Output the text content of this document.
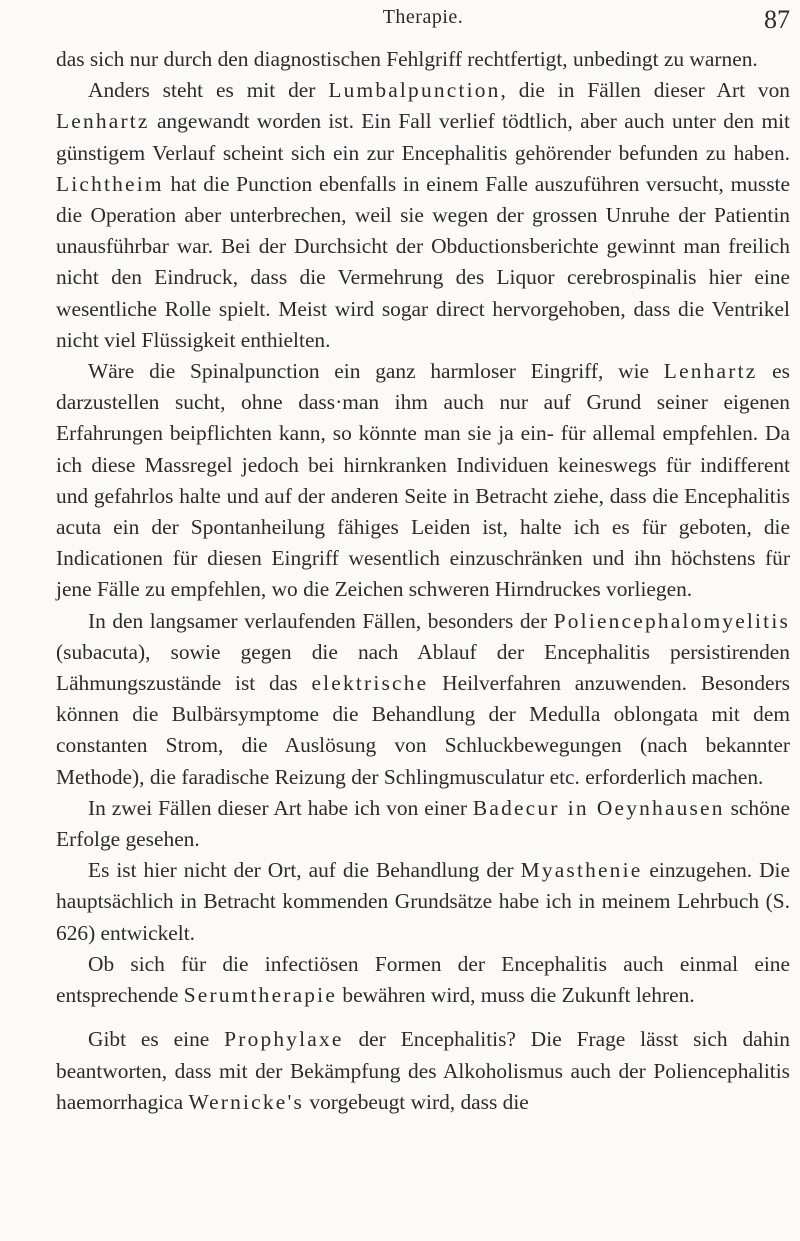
Therapie.	87

das sich nur durch den diagnostischen Fehlgriff rechtfertigt, unbedingt zu warnen.

Anders steht es mit der Lumbalpunction, die in Fällen dieser Art von Lenhartz angewandt worden ist. Ein Fall verlief tödtlich, aber auch unter den mit günstigem Verlauf scheint sich ein zur Encephalitis gehörender befunden zu haben. Lichtheim hat die Punction ebenfalls in einem Falle auszuführen versucht, musste die Operation aber unterbrechen, weil sie wegen der grossen Unruhe der Patientin unausführbar war. Bei der Durchsicht der Obductionsberichte gewinnt man freilich nicht den Eindruck, dass die Vermehrung des Liquor cerebrospinalis hier eine wesentliche Rolle spielt. Meist wird sogar direct hervorgehoben, dass die Ventrikel nicht viel Flüssigkeit enthielten.

Wäre die Spinalpunction ein ganz harmloser Eingriff, wie Lenhartz es darzustellen sucht, ohne dass·man ihm auch nur auf Grund seiner eigenen Erfahrungen beipflichten kann, so könnte man sie ja ein- für allemal empfehlen. Da ich diese Massregel jedoch bei hirnkranken Individuen keineswegs für indifferent und gefahrlos halte und auf der anderen Seite in Betracht ziehe, dass die Encephalitis acuta ein der Spontanheilung fähiges Leiden ist, halte ich es für geboten, die Indicationen für diesen Eingriff wesentlich einzuschränken und ihn höchstens für jene Fälle zu empfehlen, wo die Zeichen schweren Hirndruckes vorliegen.

In den langsamer verlaufenden Fällen, besonders der Poliencephalomyelitis (subacuta), sowie gegen die nach Ablauf der Encephalitis persistirenden Lähmungszustände ist das elektrische Heilverfahren anzuwenden. Besonders können die Bulbärsymptome die Behandlung der Medulla oblongata mit dem constanten Strom, die Auslösung von Schluckbewegungen (nach bekannter Methode), die faradische Reizung der Schlingmusculatur etc. erforderlich machen.

In zwei Fällen dieser Art habe ich von einer Badecur in Oeynhausen schöne Erfolge gesehen.

Es ist hier nicht der Ort, auf die Behandlung der Myasthenie einzugehen. Die hauptsächlich in Betracht kommenden Grundsätze habe ich in meinem Lehrbuch (S. 626) entwickelt.

Ob sich für die infectiösen Formen der Encephalitis auch einmal eine entsprechende Serumtherapie bewähren wird, muss die Zukunft lehren.

Gibt es eine Prophylaxe der Encephalitis? Die Frage lässt sich dahin beantworten, dass mit der Bekämpfung des Alkoholismus auch der Poliencephalitis haemorrhagica Wernicke's vorgebeugt wird, dass die
